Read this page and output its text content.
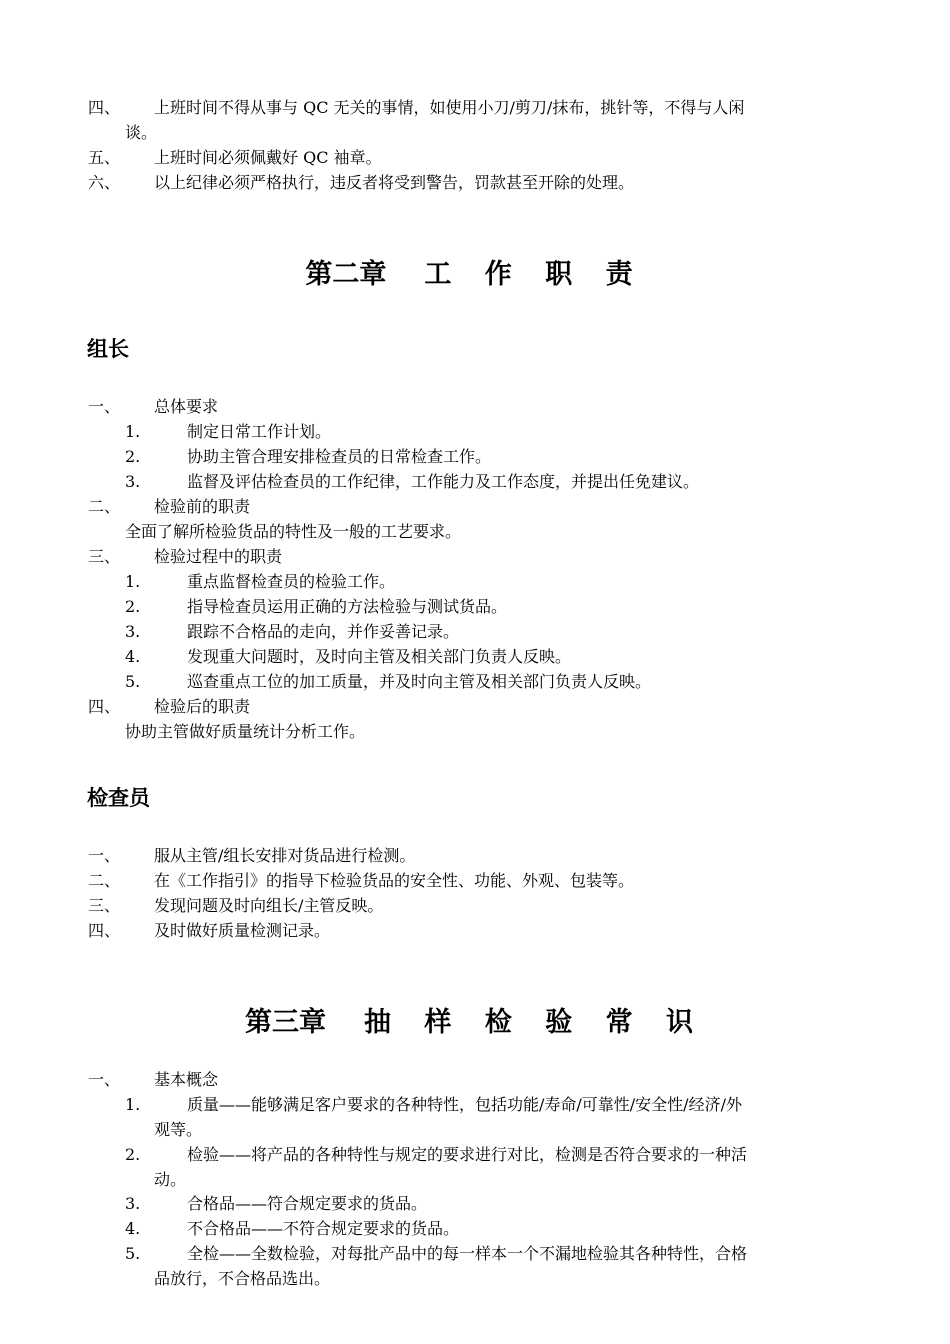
四、 上班时间不得从事与 QC 无关的事情，如使用小刀/剪刀/抹布，挑针等，不得与人闲
谈。
五、 上班时间必须佩戴好 QC 袖章。
六、 以上纪律必须严格执行，违反者将受到警告，罚款甚至开除的处理。
第二章 工 作 职 责
组长
一、 总体要求
1.	制定日常工作计划。
2.	协助主管合理安排检查员的日常检查工作。
3.	监督及评估检查员的工作纪律，工作能力及工作态度，并提出任免建议。
二、 检验前的职责
全面了解所检验货品的特性及一般的工艺要求。
三、 检验过程中的职责
1.	重点监督检查员的检验工作。
2.	指导检查员运用正确的方法检验与测试货品。
3.	跟踪不合格品的走向，并作妥善记录。
4.	发现重大问题时，及时向主管及相关部门负责人反映。
5.	巡查重点工位的加工质量，并及时向主管及相关部门负责人反映。
四、 检验后的职责
协助主管做好质量统计分析工作。
检查员
一、 服从主管/组长安排对货品进行检测。
二、 在《工作指引》的指导下检验货品的安全性、功能、外观、包装等。
三、 发现问题及时向组长/主管反映。
四、 及时做好质量检测记录。
第三章 抽 样 检 验 常 识
一、 基本概念
1.	质量——能够满足客户要求的各种特性，包括功能/寿命/可靠性/安全性/经济/外
观等。
2.	检验——将产品的各种特性与规定的要求进行对比，检测是否符合要求的一种活
动。
3.	合格品——符合规定要求的货品。
4.	不合格品——不符合规定要求的货品。
5.	全检——全数检验，对每批产品中的每一样本一个不漏地检验其各种特性，合格
品放行，不合格品选出。
